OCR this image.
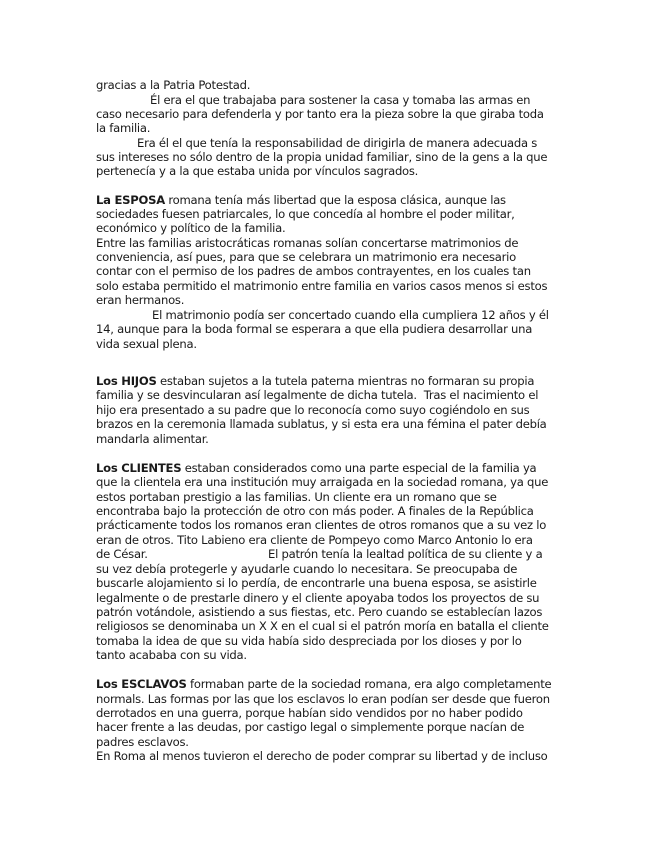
gracias a la Patria Potestad.
Él era el que trabajaba para sostener la casa y tomaba las armas en
caso necesario para defenderla y por tanto era la pieza sobre la que giraba toda
la familia.
Era él el que tenía la responsabilidad de dirigirla de manera adecuada s
sus intereses no sólo dentro de la propia unidad familiar, sino de la gens a la que
pertenecía y a la que estaba unida por vínculos sagrados.
La ESPOSA romana tenía más libertad que la esposa clásica, aunque las
sociedades fuesen patriarcales, lo que concedía al hombre el poder militar,
económico y político de la familia.
Entre las familias aristocráticas romanas solían concertarse matrimonios de
conveniencia, así pues, para que se celebrara un matrimonio era necesario
contar con el permiso de los padres de ambos contrayentes, en los cuales tan
solo estaba permitido el matrimonio entre familia en varios casos menos si estos
eran hermanos.
El matrimonio podía ser concertado cuando ella cumpliera 12 años y él
14, aunque para la boda formal se esperara a que ella pudiera desarrollar una
vida sexual plena.
Los HIJOS estaban sujetos a la tutela paterna mientras no formaran su propia
familia y se desvincularan así legalmente de dicha tutela.  Tras el nacimiento el
hijo era presentado a su padre que lo reconocía como suyo cogiéndolo en sus
brazos en la ceremonia llamada sublatus, y si esta era una fémina el pater debía
mandarla alimentar.
Los CLIENTES estaban considerados como una parte especial de la familia ya
que la clientela era una institución muy arraigada en la sociedad romana, ya que
estos portaban prestigio a las familias. Un cliente era un romano que se
encontraba bajo la protección de otro con más poder. A finales de la República
prácticamente todos los romanos eran clientes de otros romanos que a su vez lo
eran de otros. Tito Labieno era cliente de Pompeyo como Marco Antonio lo era
de César.	El patrón tenía la lealtad política de su cliente y a
su vez debía protegerle y ayudarle cuando lo necesitara. Se preocupaba de
buscarle alojamiento si lo perdía, de encontrarle una buena esposa, se asistirle
legalmente o de prestarle dinero y el cliente apoyaba todos los proyectos de su
patrón votándole, asistiendo a sus fiestas, etc. Pero cuando se establecían lazos
religiosos se denominaba un X X en el cual si el patrón moría en batalla el cliente
tomaba la idea de que su vida había sido despreciada por los dioses y por lo
tanto acababa con su vida.
Los ESCLAVOS formaban parte de la sociedad romana, era algo completamente
normals. Las formas por las que los esclavos lo eran podían ser desde que fueron
derrotados en una guerra, porque habían sido vendidos por no haber podido
hacer frente a las deudas, por castigo legal o simplemente porque nacían de
padres esclavos.
En Roma al menos tuvieron el derecho de poder comprar su libertad y de incluso
